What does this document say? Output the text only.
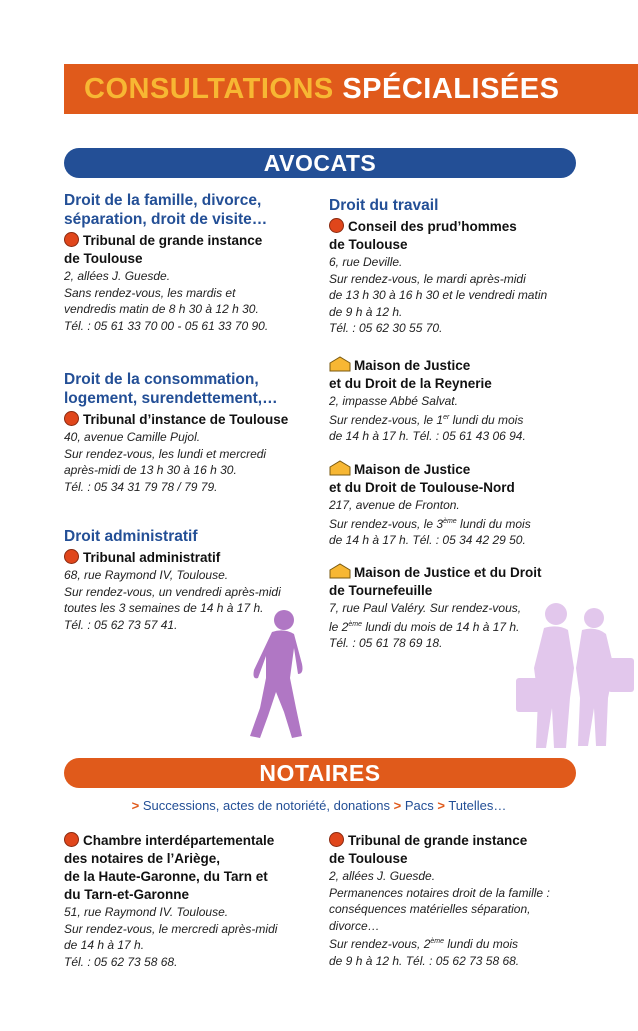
CONSULTATIONS SPÉCIALISÉES
AVOCATS
Droit de la famille, divorce,
séparation, droit de visite…
Tribunal de grande instance
de Toulouse
2, allées J. Guesde.
Sans rendez-vous, les mardis et
vendredis matin de 8 h 30 à 12 h 30.
Tél. : 05 61 33 70 00 - 05 61 33 70 90.
Droit de la consommation,
logement, surendettement,…
Tribunal d’instance de Toulouse
40, avenue Camille Pujol.
Sur rendez-vous, les lundi et mercredi
après-midi de 13 h 30 à 16 h 30.
Tél. : 05 34 31 79 78 / 79 79.
Droit administratif
Tribunal administratif
68, rue Raymond IV, Toulouse.
Sur rendez-vous, un vendredi après-midi
toutes les 3 semaines de 14 h à 17 h.
Tél. : 05 62 73 57 41.
Droit du travail
Conseil des prud’hommes
de Toulouse
6, rue Deville.
Sur rendez-vous, le mardi après-midi
de 13 h 30 à 16 h 30 et le vendredi matin
de 9 h à 12 h.
Tél. : 05 62 30 55 70.
Maison de Justice
et du Droit de la Reynerie
2, impasse Abbé Salvat.
Sur rendez-vous, le 1er lundi du mois
de 14 h à 17 h. Tél. : 05 61 43 06 94.
Maison de Justice
et du Droit de Toulouse-Nord
217, avenue de Fronton.
Sur rendez-vous, le 3ème lundi du mois
de 14 h à 17 h. Tél. : 05 34 42 29 50.
Maison de Justice et du Droit
de Tournefeuille
7, rue Paul Valéry. Sur rendez-vous,
le 2ème lundi du mois de 14 h à 17 h.
Tél. : 05 61 78 69 18.
NOTAIRES
> Successions, actes de notoriété, donations > Pacs > Tutelles…
Chambre interdépartementale
des notaires de l’Ariège,
de la Haute-Garonne, du Tarn et
du Tarn-et-Garonne
51, rue Raymond IV. Toulouse.
Sur rendez-vous, le mercredi après-midi
de 14 h à 17 h.
Tél. : 05 62 73 58 68.
Tribunal de grande instance
de Toulouse
2, allées J. Guesde.
Permanences notaires droit de la famille :
conséquences matérielles séparation,
divorce…
Sur rendez-vous, 2ème lundi du mois
de 9 h à 12 h. Tél. : 05 62 73 58 68.
